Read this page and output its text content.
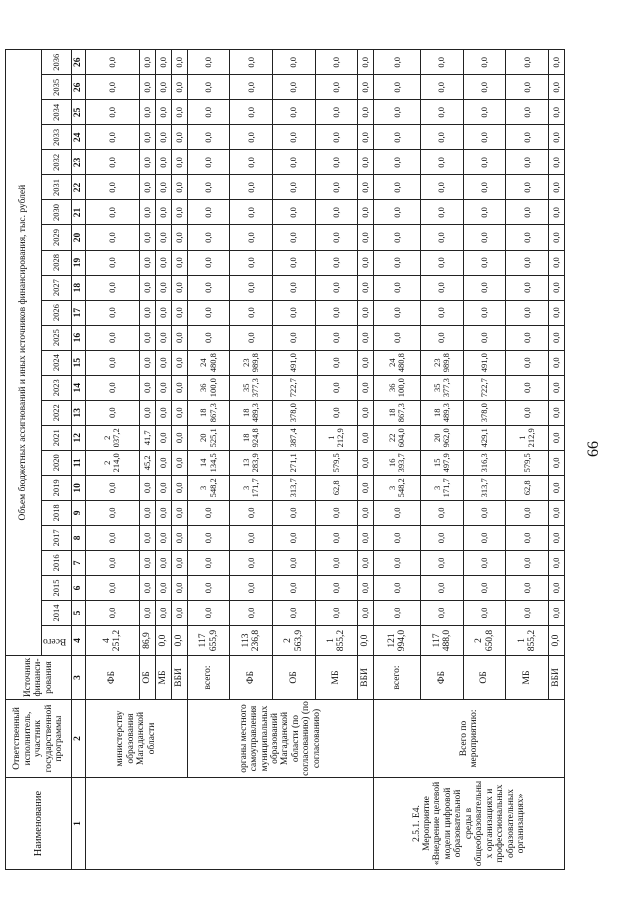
66
Наименование	Ответственный исполнитель, участник государственной программы	Источник финанси-рования	Объем бюджетных ассигнований и иных источников финансирования, тыс. рублей																							
			Всего	2014	2015	2016	2017	2018	2019	2020	2021	2022	2023	2024	2025	2026	2027	2028	2029	2030	2031	2032	2033	2034	2035	2036
1	2	3	4	5	6	7	8	9	10	11	12	13	14	15	16	17	18	19	20	21	22	23	24	25	26	26
	министерству образования Магаданской области	ФБ	4 251,2	0,0	0,0	0,0	0,0	0,0	0,0	2 214,0	2 037,2	0,0	0,0	0,0	0,0	0,0	0,0	0,0	0,0	0,0	0,0	0,0	0,0	0,0	0,0	0,0
		ОБ	86,9	0,0	0,0	0,0	0,0	0,0	0,0	45,2	41,7	0,0	0,0	0,0	0,0	0,0	0,0	0,0	0,0	0,0	0,0	0,0	0,0	0,0	0,0	0,0
		МБ	0,0	0,0	0,0	0,0	0,0	0,0	0,0	0,0	0,0	0,0	0,0	0,0	0,0	0,0	0,0	0,0	0,0	0,0	0,0	0,0	0,0	0,0	0,0	0,0
		ВБИ	0,0	0,0	0,0	0,0	0,0	0,0	0,0	0,0	0,0	0,0	0,0	0,0	0,0	0,0	0,0	0,0	0,0	0,0	0,0	0,0	0,0	0,0	0,0	0,0
	органы местного самоуправления муниципальных образований Магаданской области (по согласованию) (по согласованию)	всего:	117 655,9	0,0	0,0	0,0	0,0	0,0	3 548,2	14 134,5	20 525,1	18 867,3	36 100,0	24 480,8	0,0	0,0	0,0	0,0	0,0	0,0	0,0	0,0	0,0	0,0	0,0	0,0
		ФБ	113 236,8	0,0	0,0	0,0	0,0	0,0	3 171,7	13 283,9	18 924,8	18 489,3	35 377,3	23 989,8	0,0	0,0	0,0	0,0	0,0	0,0	0,0	0,0	0,0	0,0	0,0	0,0
		ОБ	2 563,9	0,0	0,0	0,0	0,0	0,0	313,7	271,1	387,4	378,0	722,7	491,0	0,0	0,0	0,0	0,0	0,0	0,0	0,0	0,0	0,0	0,0	0,0	0,0
		МБ	1 855,2	0,0	0,0	0,0	0,0	0,0	62,8	579,5	1 212,9	0,0	0,0	0,0	0,0	0,0	0,0	0,0	0,0	0,0	0,0	0,0	0,0	0,0	0,0	0,0
		ВБИ	0,0	0,0	0,0	0,0	0,0	0,0	0,0	0,0	0,0	0,0	0,0	0,0	0,0	0,0	0,0	0,0	0,0	0,0	0,0	0,0	0,0	0,0	0,0	0,0
2.5.1. Е4. Мероприятие «Внедрение целевой модели цифровой образовательной среды в общеобразовательных организациях и профессиональных образовательных организациях»	Всего по мероприятию:	всего:	121 994,0	0,0	0,0	0,0	0,0	0,0	3 548,2	16 393,7	22 604,0	18 867,3	36 100,0	24 480,8	0,0	0,0	0,0	0,0	0,0	0,0	0,0	0,0	0,0	0,0	0,0	0,0
		ФБ	117 488,0	0,0	0,0	0,0	0,0	0,0	3 171,7	15 497,9	20 962,0	18 489,3	35 377,3	23 989,8	0,0	0,0	0,0	0,0	0,0	0,0	0,0	0,0	0,0	0,0	0,0	0,0
		ОБ	2 650,8	0,0	0,0	0,0	0,0	0,0	313,7	316,3	429,1	378,0	722,7	491,0	0,0	0,0	0,0	0,0	0,0	0,0	0,0	0,0	0,0	0,0	0,0	0,0
		МБ	1 855,2	0,0	0,0	0,0	0,0	0,0	62,8	579,5	1 212,9	0,0	0,0	0,0	0,0	0,0	0,0	0,0	0,0	0,0	0,0	0,0	0,0	0,0	0,0	0,0
		ВБИ	0,0	0,0	0,0	0,0	0,0	0,0	0,0	0,0	0,0	0,0	0,0	0,0	0,0	0,0	0,0	0,0	0,0	0,0	0,0	0,0	0,0	0,0	0,0	0,0
